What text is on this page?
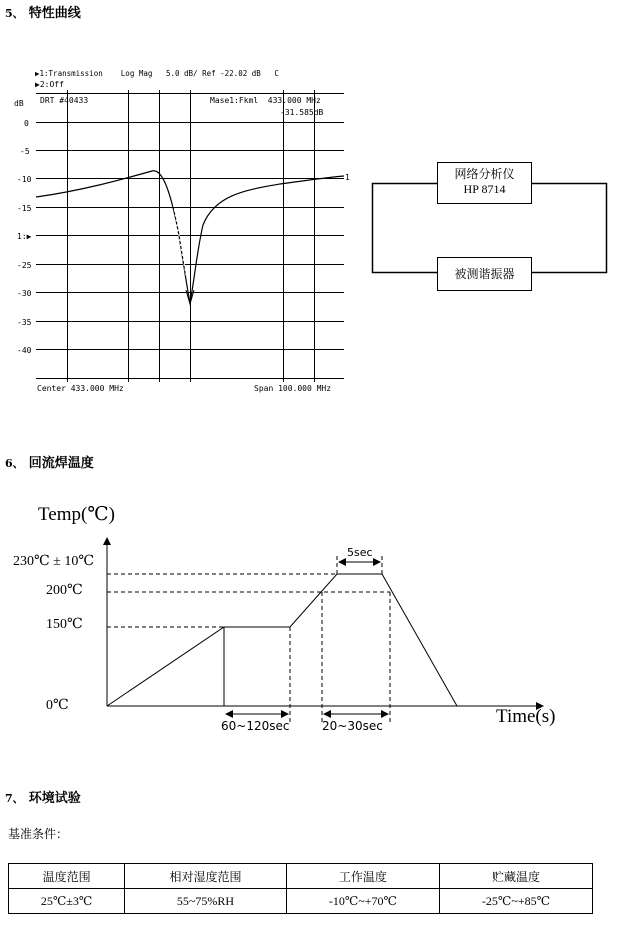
5、 特性曲线
0
-5
-10
-15
1:▶
-25
-30
-35
-40
1
▶1:Transmission    Log Mag   5.0 dB/ Ref -22.02 dB   C
▶2:Off
dB DRT #40433	Mase1:Fkml  433.000 MHz
-31.585dB
Center 433.000 MHz	Span 100.000 MHz
网络分析仪
HP 8714
被测谐振器
6、 回流焊温度
Temp(℃)
Time(s)
230℃ ± 10℃
200℃
150℃
0℃
5sec
60~120sec	20~30sec
7、 环境试验
基准条件：
温度范围	相对湿度范围	工作温度	贮藏温度
25℃±3℃	55~75%RH	-10℃~+70℃	-25℃~+85℃
